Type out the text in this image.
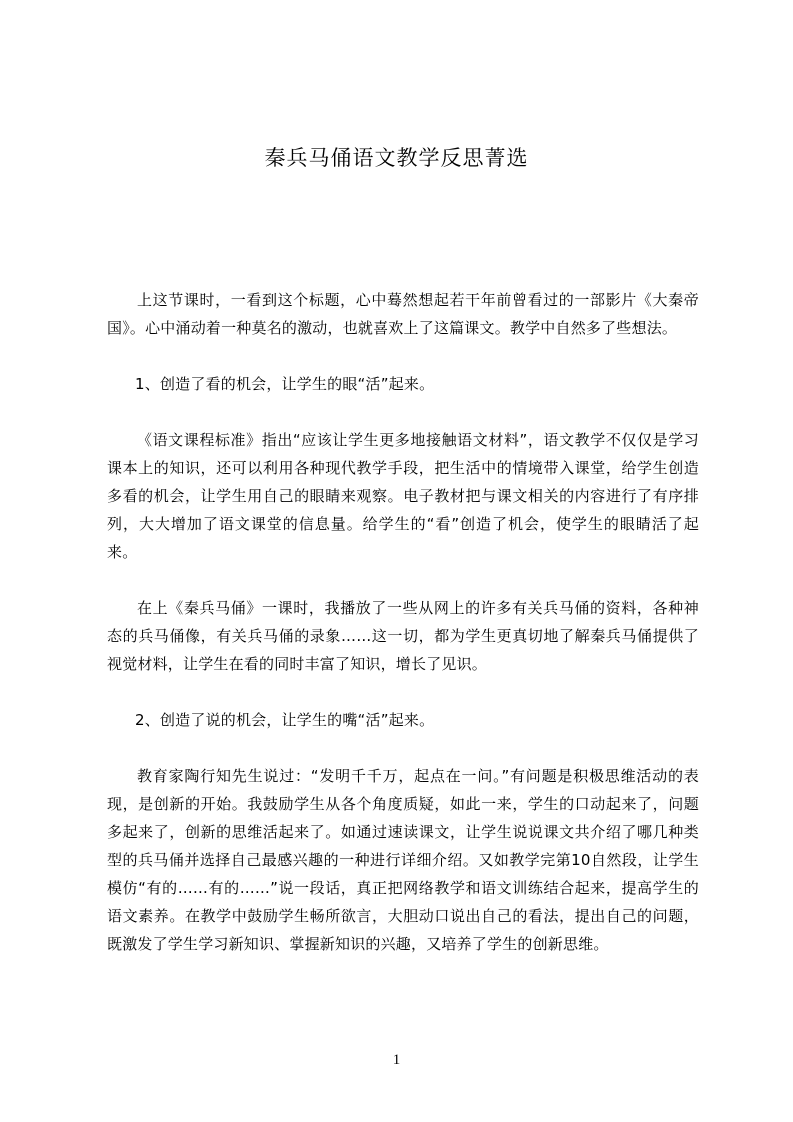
秦兵马俑语文教学反思菁选

上这节课时，一看到这个标题，心中蓦然想起若干年前曾看过的一部影片《大秦帝国》。心中涌动着一种莫名的激动，也就喜欢上了这篇课文。教学中自然多了些想法。

1、创造了看的机会，让学生的眼“活”起来。

《语文课程标准》指出“应该让学生更多地接触语文材料”，语文教学不仅仅是学习课本上的知识，还可以利用各种现代教学手段，把生活中的情境带入课堂，给学生创造多看的机会，让学生用自己的眼睛来观察。电子教材把与课文相关的内容进行了有序排列，大大增加了语文课堂的信息量。给学生的“看”创造了机会，使学生的眼睛活了起来。

在上《秦兵马俑》一课时，我播放了一些从网上的许多有关兵马俑的资料，各种神态的兵马俑像，有关兵马俑的录象……这一切，都为学生更真切地了解秦兵马俑提供了视觉材料，让学生在看的同时丰富了知识，增长了见识。

2、创造了说的机会，让学生的嘴“活”起来。

教育家陶行知先生说过：“发明千千万，起点在一问。”有问题是积极思维活动的表现，是创新的开始。我鼓励学生从各个角度质疑，如此一来，学生的口动起来了，问题多起来了，创新的思维活起来了。如通过速读课文，让学生说说课文共介绍了哪几种类型的兵马俑并选择自己最感兴趣的一种进行详细介绍。又如教学完第10自然段，让学生模仿“有的……有的……”说一段话，真正把网络教学和语文训练结合起来，提高学生的语文素养。在教学中鼓励学生畅所欲言，大胆动口说出自己的看法，提出自己的问题，既激发了学生学习新知识、掌握新知识的兴趣，又培养了学生的创新思维。

1
